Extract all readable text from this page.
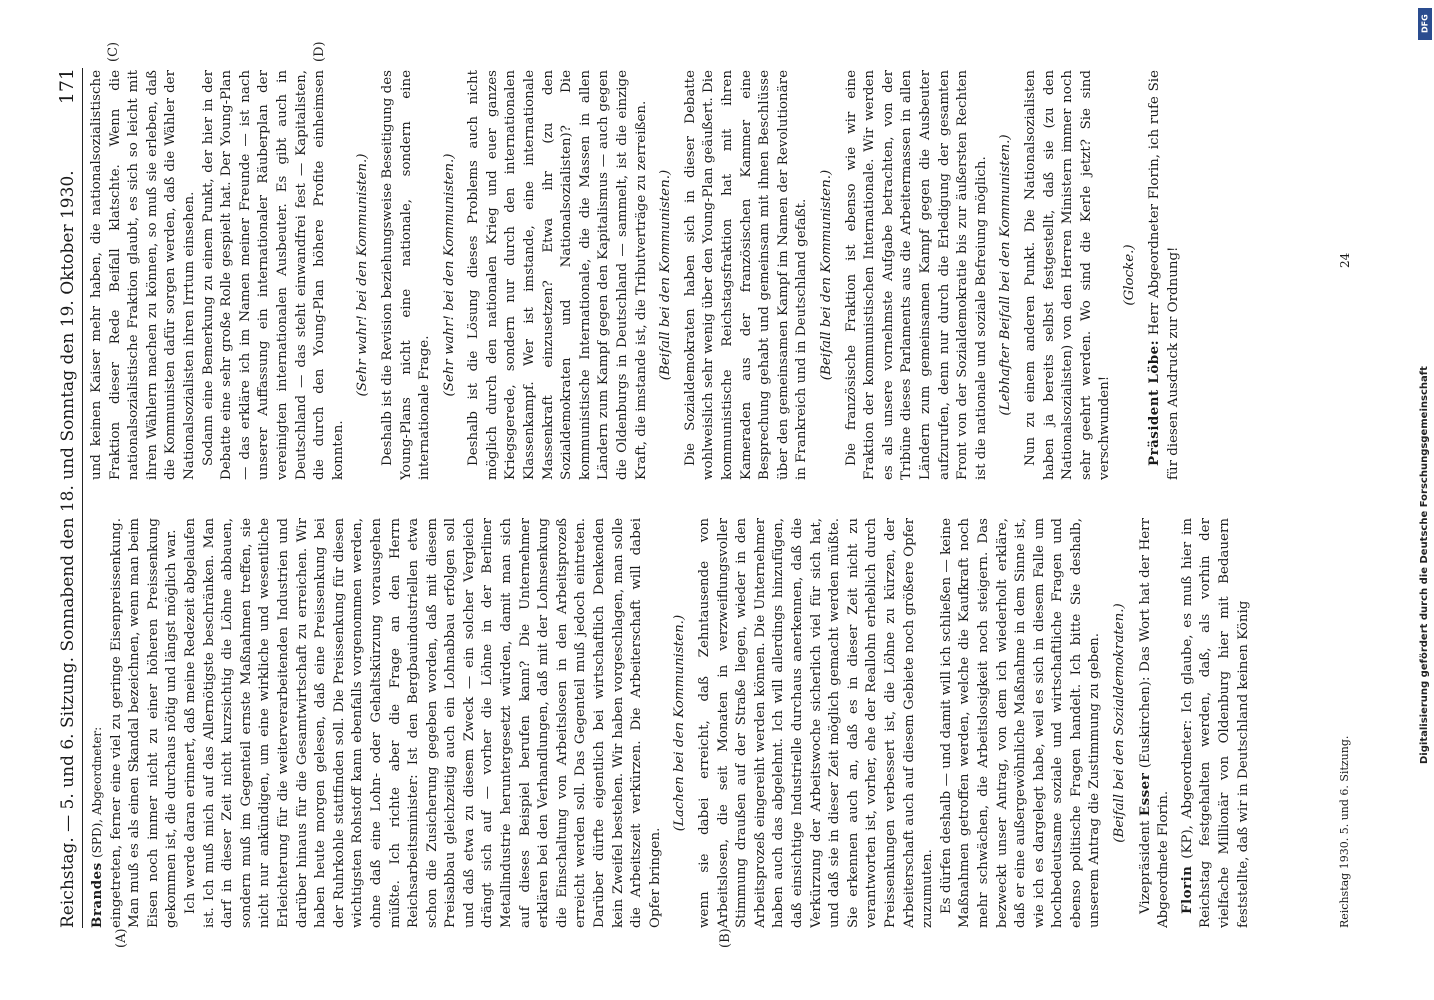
Reichstag. — 5. und 6. Sitzung. Sonnabend den 18. und Sonntag den 19. Oktober 1930.
171
(A)	(B)
(C)	(D)

Brandes (SPD), Abgeordneter: eingetreten, ferner eine viel zu geringe Eisenpreissenkung. Man muß es als einen Skandal bezeichnen, wenn man beim Eisen noch immer nicht zu einer höheren Preissenkung gekommen ist, die durchaus nötig und längst möglich war. Ich werde daran erinnert, daß meine Redezeit abgelaufen ist. Ich muß mich auf das Allernötigste beschränken. Man darf in dieser Zeit nicht kurzsichtig die Löhne abbauen, sondern muß im Gegenteil ernste Maßnahmen treffen, sie nicht nur ankündigen, um eine wirkliche und wesentliche Erleichterung für die weiterverarbeitenden Industrien und darüber hinaus für die Gesamtwirtschaft zu erreichen. Wir haben heute morgen gelesen, daß eine Preissenkung bei der Ruhrkohle stattfinden soll. Die Preissenkung für diesen wichtigsten Rohstoff kann ebenfalls vorgenommen werden, ohne daß eine Lohn- oder Gehaltskürzung vorausgehen müßte. Ich richte aber die Frage an den Herrn Reichsarbeitsminister: Ist den Bergbauindustriellen etwa schon die Zusicherung gegeben worden, daß mit diesem Preisabbau gleichzeitig auch ein Lohnabbau erfolgen soll und daß etwa zu diesem Zweck — ein solcher Vergleich drängt sich auf — vorher die Löhne in der Berliner Metallindustrie heruntergesetzt würden, damit man sich auf dieses Beispiel berufen kann? Die Unternehmer erklären bei den Verhandlungen, daß mit der Lohnsenkung die Einschaltung von Arbeitslosen in den Arbeitsprozeß erreicht werden soll. Das Gegenteil muß jedoch eintreten. Darüber dürfte eigentlich bei wirtschaftlich Denkenden kein Zweifel bestehen. Wir haben vorgeschlagen, man solle die Arbeitszeit verkürzen. Die Arbeiterschaft will dabei Opfer bringen.

(Lachen bei den Kommunisten.) wenn sie dabei erreicht, daß Zehntausende von Arbeitslosen, die seit Monaten in verzweiflungsvoller Stimmung draußen auf der Straße liegen, wieder in den Arbeitsprozeß eingereiht werden können. Die Unternehmer haben auch das abgelehnt. Ich will allerdings hinzufügen, daß einsichtige Industrielle durchaus anerkennen, daß die Verkürzung der Arbeitswoche sicherlich viel für sich hat, und daß sie in dieser Zeit möglich gemacht werden müßte. Sie erkennen auch an, daß es in dieser Zeit nicht zu verantworten ist, vorher, ehe der Reallohn erheblich durch Preissenkungen verbessert ist, die Löhne zu kürzen, der Arbeiterschaft auch auf diesem Gebiete noch größere Opfer zuzumuten. Es dürfen deshalb — und damit will ich schließen — keine Maßnahmen getroffen werden, welche die Kaufkraft noch mehr schwächen, die Arbeitslosigkeit noch steigern. Das bezweckt unser Antrag, von dem ich wiederholt erkläre, daß er eine außergewöhnliche Maßnahme in dem Sinne ist, wie ich es dargelegt habe, weil es sich in diesem Falle um hochbedeutsame soziale und wirtschaftliche Fragen und ebenso politische Fragen handelt. Ich bitte Sie deshalb, unserem Antrag die Zustimmung zu geben. (Beifall bei den Sozialdemokraten.)

Vizepräsident Esser (Euskirchen): Das Wort hat der Herr Abgeordnete Florin. Florin (KP), Abgeordneter: Ich glaube, es muß hier im Reichstag festgehalten werden, daß, als vorhin der vielfache Millionär von Oldenburg hier mit Bedauern feststellte, daß wir in Deutschland keinen König

und keinen Kaiser mehr haben, die nationalsozialistische Fraktion dieser Rede Beifall klatschte. Wenn die nationalsozialistische Fraktion glaubt, es sich so leicht mit ihren Wählern machen zu können, so muß sie erleben, daß die Kommunisten dafür sorgen werden, daß die Wähler der Nationalsozialisten ihren Irrtum einsehen. Sodann eine Bemerkung zu einem Punkt, der hier in der Debatte eine sehr große Rolle gespielt hat. Der Young-Plan — das erkläre ich im Namen meiner Freunde — ist nach unserer Auffassung ein internationaler Räuberplan der vereinigten internationalen Ausbeuter. Es gibt auch in Deutschland — das steht einwandfrei fest — Kapitalisten, die durch den Young-Plan höhere Profite einheimsen konnten.

(Sehr wahr! bei den Kommunisten.) Deshalb ist die Revision beziehungsweise Beseitigung des Young-Plans nicht eine nationale, sondern eine internationale Frage.

(Sehr wahr! bei den Kommunisten.) Deshalb ist die Lösung dieses Problems auch nicht möglich durch den nationalen Krieg und euer ganzes Kriegsgerede, sondern nur durch den internationalen Klassenkampf. Wer ist imstande, eine internationale Massenkraft einzusetzen? Etwa ihr (zu den Sozialdemokraten und Nationalsozialisten)? Die kommunistische Internationale, die die Massen in allen Ländern zum Kampf gegen den Kapitalismus — auch gegen die Oldenburgs in Deutschland — sammelt, ist die einzige Kraft, die imstande ist, die Tributverträge zu zerreißen. (Beifall bei den Kommunisten.) Die Sozialdemokraten haben sich in dieser Debatte wohlweislich sehr wenig über den Young-Plan geäußert. Die kommunistische Reichstagsfraktion hat mit ihren Kameraden aus der französischen Kammer eine Besprechung gehabt und gemeinsam mit ihnen Beschlüsse über den gemeinsamen Kampf im Namen der Revolutionäre in Frankreich und in Deutschland gefaßt. (Beifall bei den Kommunisten.) Die französische Fraktion ist ebenso wie wir eine Fraktion der kommunistischen Internationale. Wir werden es als unsere vornehmste Aufgabe betrachten, von der Tribüne dieses Parlaments aus die Arbeitermassen in allen Ländern zum gemeinsamen Kampf gegen die Ausbeuter aufzurufen, denn nur durch die Erledigung der gesamten Front von der Sozialdemokratie bis zur äußersten Rechten ist die nationale und soziale Befreiung möglich. (Lebhafter Beifall bei den Kommunisten.) Nun zu einem anderen Punkt. Die Nationalsozialisten haben ja bereits selbst festgestellt, daß sie (zu den Nationalsozialisten) von den Herren Ministern immer noch sehr geehrt werden. Wo sind die Kerle jetzt? Sie sind verschwunden!

(Glocke.)

Präsident Löbe: Herr Abgeordneter Florin, ich rufe Sie für diesen Ausdruck zur Ordnung!

Reichstag 1930. 5. und 6. Sitzung.
24
DFG
Digitalisierung gefördert durch die Deutsche Forschungsgemeinschaft
